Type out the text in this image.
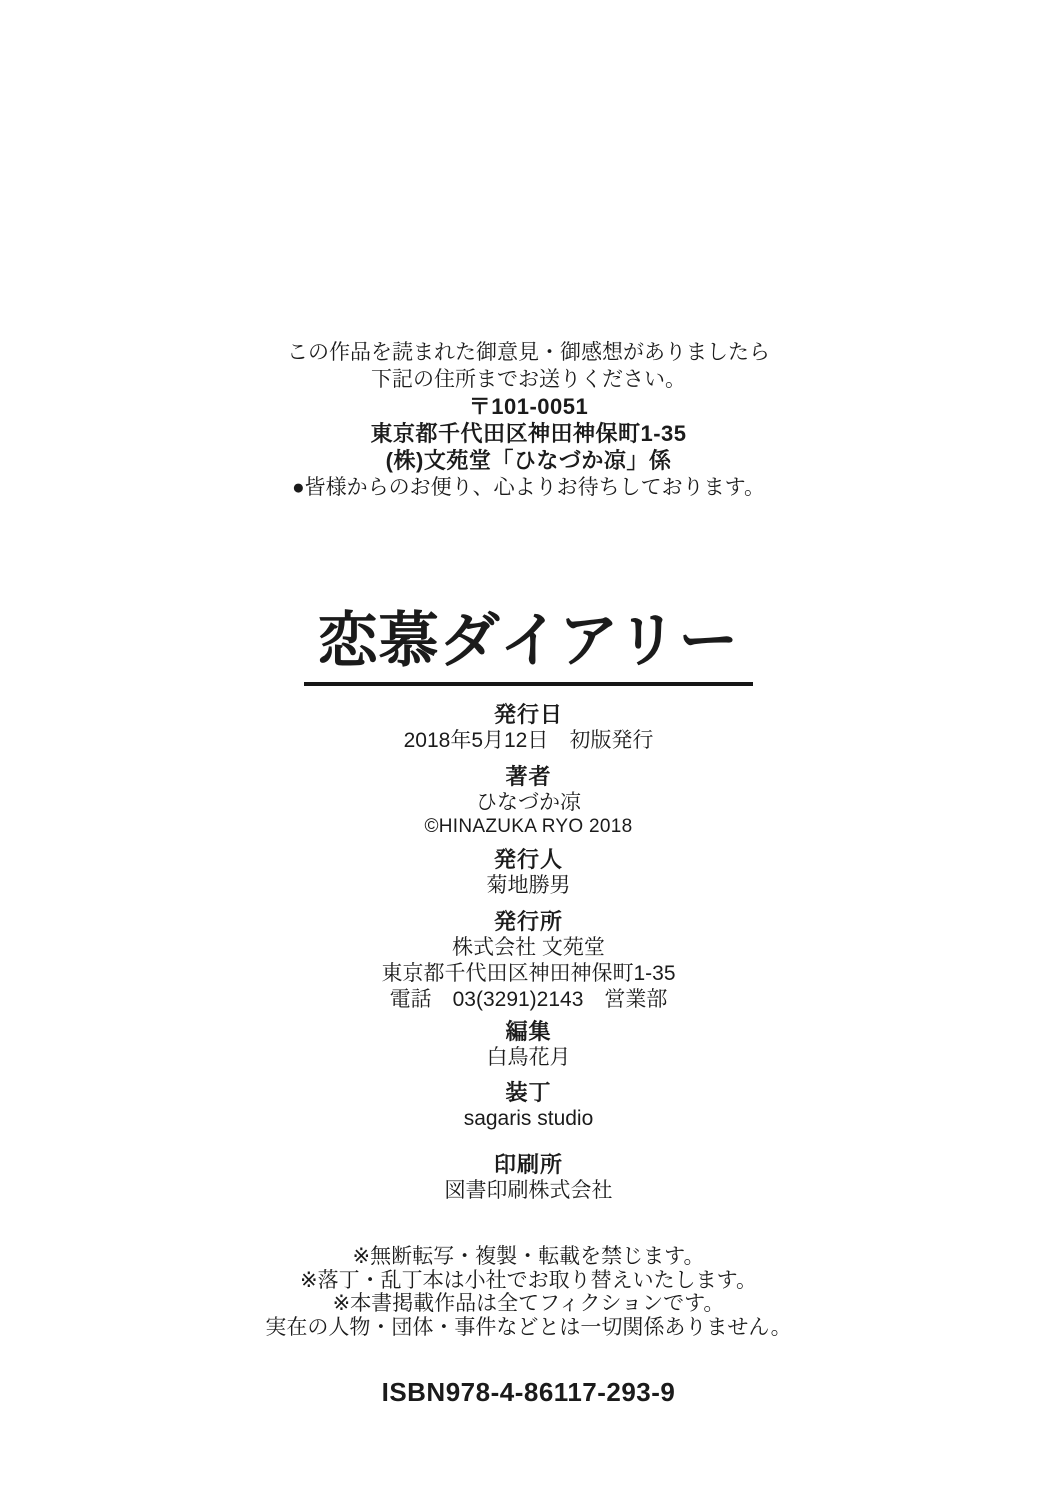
この作品を読まれた御意見・御感想がありましたら
下記の住所までお送りください。
〒101-0051
東京都千代田区神田神保町1-35
(株)文苑堂「ひなづか凉」係
●皆様からのお便り、心よりお待ちしております。
恋慕ダイアリー
発行日
2018年5月12日　初版発行
著者
ひなづか凉
©HINAZUKA RYO 2018
発行人
菊地勝男
発行所
株式会社 文苑堂
東京都千代田区神田神保町1-35
電話　03(3291)2143　営業部
編集
白鳥花月
装丁
sagaris studio
印刷所
図書印刷株式会社
※無断転写・複製・転載を禁じます。
※落丁・乱丁本は小社でお取り替えいたします。
※本書掲載作品は全てフィクションです。
実在の人物・団体・事件などとは一切関係ありません。
ISBN978-4-86117-293-9
